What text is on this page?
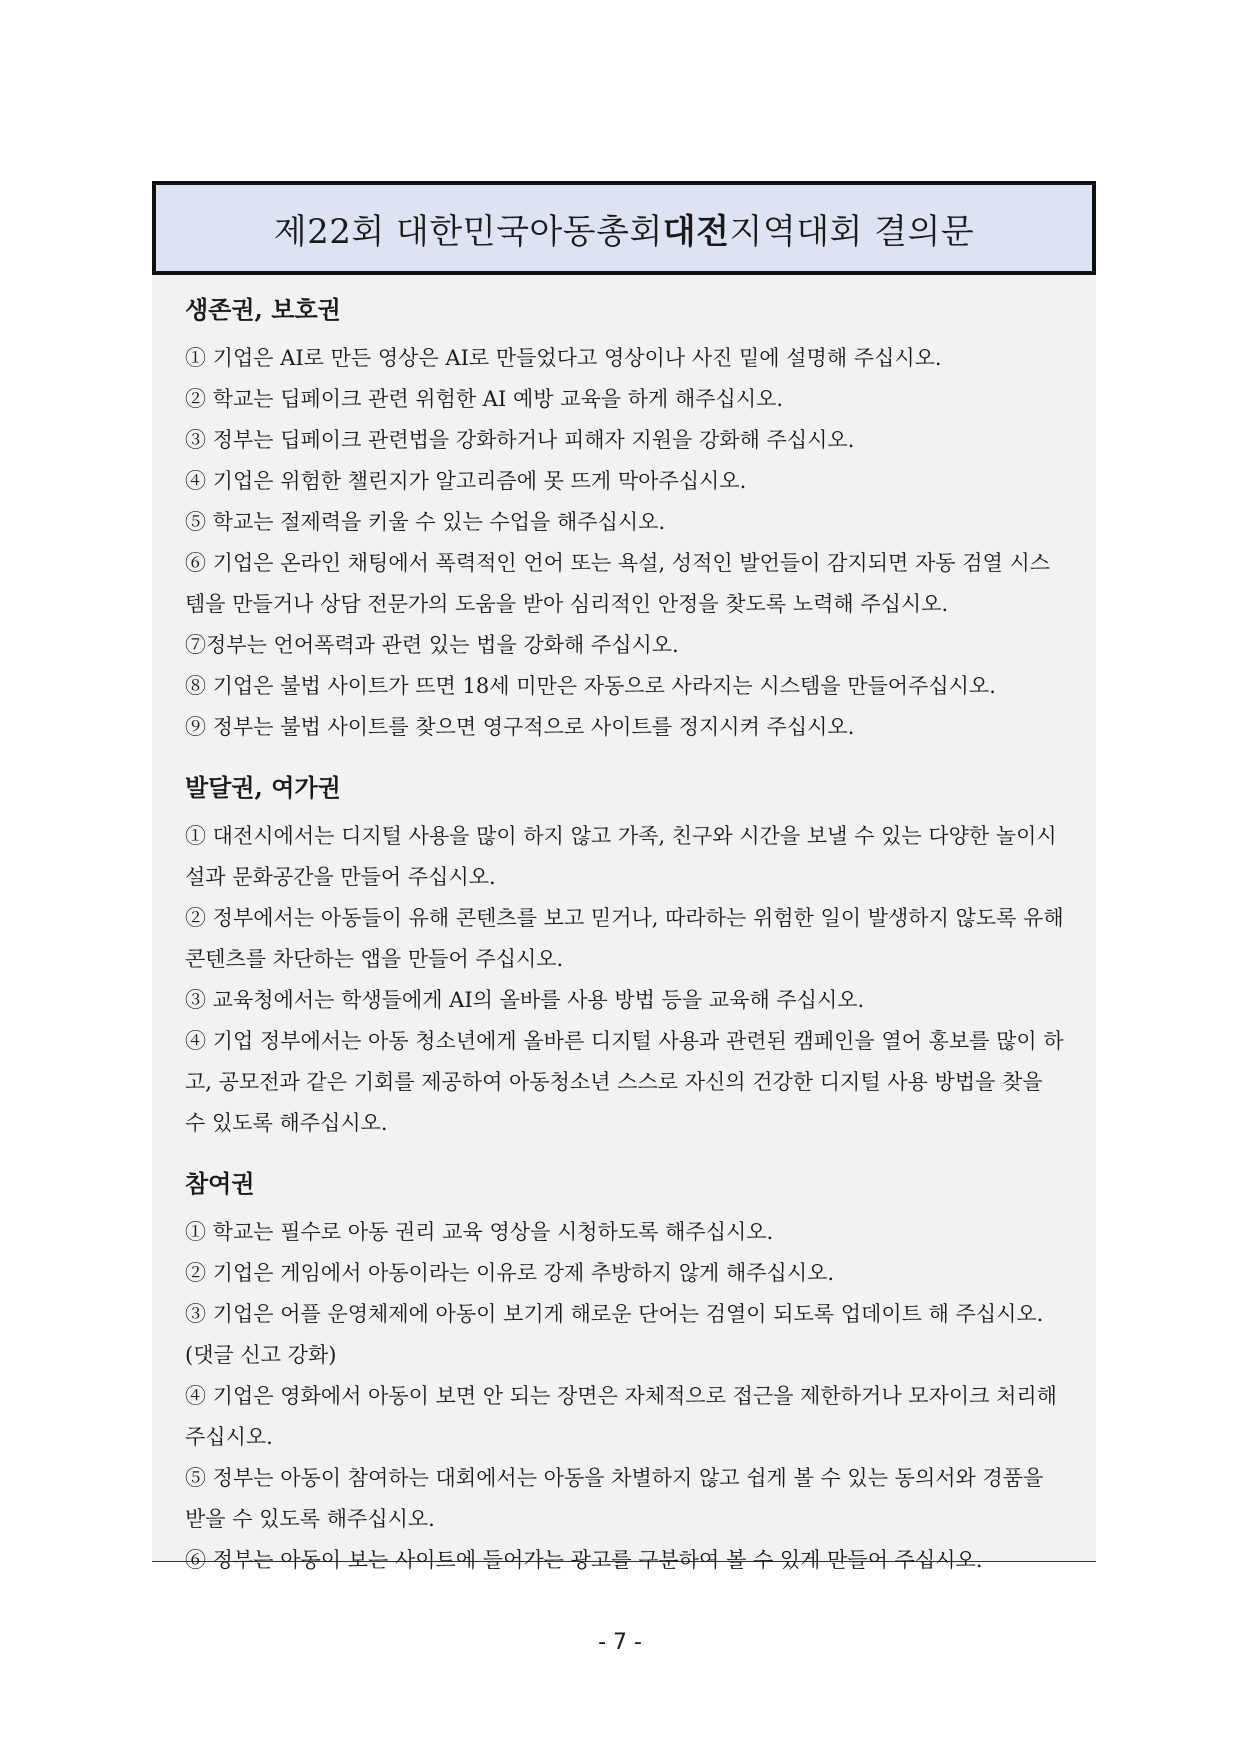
제22회 대한민국아동총회 대전 지역대회 결의문
생존권, 보호권
① 기업은 AI로 만든 영상은 AI로 만들었다고 영상이나 사진 밑에 설명해 주십시오.
② 학교는 딥페이크 관련 위험한 AI 예방 교육을 하게 해주십시오.
③ 정부는 딥페이크 관련법을 강화하거나 피해자 지원을 강화해 주십시오.
④ 기업은 위험한 챌린지가 알고리즘에 못 뜨게 막아주십시오.
⑤ 학교는 절제력을 키울 수 있는 수업을 해주십시오.
⑥ 기업은 온라인 채팅에서 폭력적인 언어 또는 욕설, 성적인 발언들이 감지되면 자동 검열 시스템을 만들거나 상담 전문가의 도움을 받아 심리적인 안정을 찾도록 노력해 주십시오.
⑦정부는 언어폭력과 관련 있는 법을 강화해 주십시오.
⑧ 기업은 불법 사이트가 뜨면 18세 미만은 자동으로 사라지는 시스템을 만들어주십시오.
⑨ 정부는 불법 사이트를 찾으면 영구적으로 사이트를 정지시켜 주십시오.
발달권, 여가권
① 대전시에서는 디지털 사용을 많이 하지 않고 가족, 친구와 시간을 보낼 수 있는 다양한 놀이시설과 문화공간을 만들어 주십시오.
② 정부에서는 아동들이 유해 콘텐츠를 보고 믿거나, 따라하는 위험한 일이 발생하지 않도록 유해 콘텐츠를 차단하는 앱을 만들어 주십시오.
③ 교육청에서는 학생들에게 AI의 올바를 사용 방법 등을 교육해 주십시오.
④ 기업 정부에서는 아동 청소년에게 올바른 디지털 사용과 관련된 캠페인을 열어 홍보를 많이 하고, 공모전과 같은 기회를 제공하여 아동청소년 스스로 자신의 건강한 디지털 사용 방법을 찾을 수 있도록 해주십시오.
참여권
① 학교는 필수로 아동 권리 교육 영상을 시청하도록 해주십시오.
② 기업은 게임에서 아동이라는 이유로 강제 추방하지 않게 해주십시오.
③ 기업은 어플 운영체제에 아동이 보기게 해로운 단어는 검열이 되도록 업데이트 해 주십시오. (댓글 신고 강화)
④ 기업은 영화에서 아동이 보면 안 되는 장면은 자체적으로 접근을 제한하거나 모자이크 처리해 주십시오.
⑤ 정부는 아동이 참여하는 대회에서는 아동을 차별하지 않고 쉽게 볼 수 있는 동의서와 경품을 받을 수 있도록 해주십시오.
⑥ 정부는 아동이 보는 사이트에 들어가는 광고를 구분하여 볼 수 있게 만들어 주십시오.
- 7 -
